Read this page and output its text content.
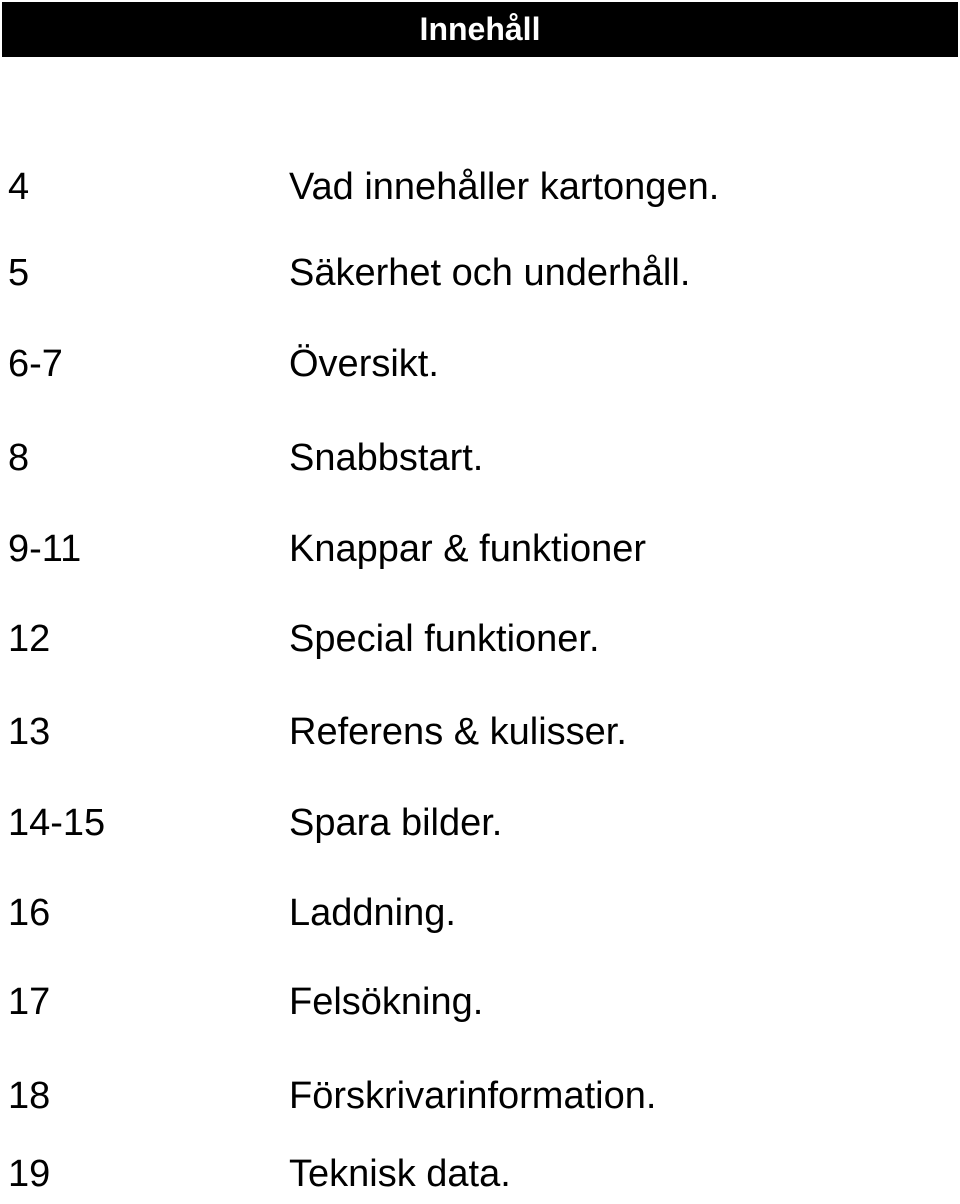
Innehåll
4	Vad innehåller kartongen.
5	Säkerhet och underhåll.
6-7	Översikt.
8	Snabbstart.
9-11	Knappar & funktioner
12	Special funktioner.
13	Referens & kulisser.
14-15	Spara bilder.
16	Laddning.
17	Felsökning.
18	Förskrivarinformation.
19	Teknisk data.
